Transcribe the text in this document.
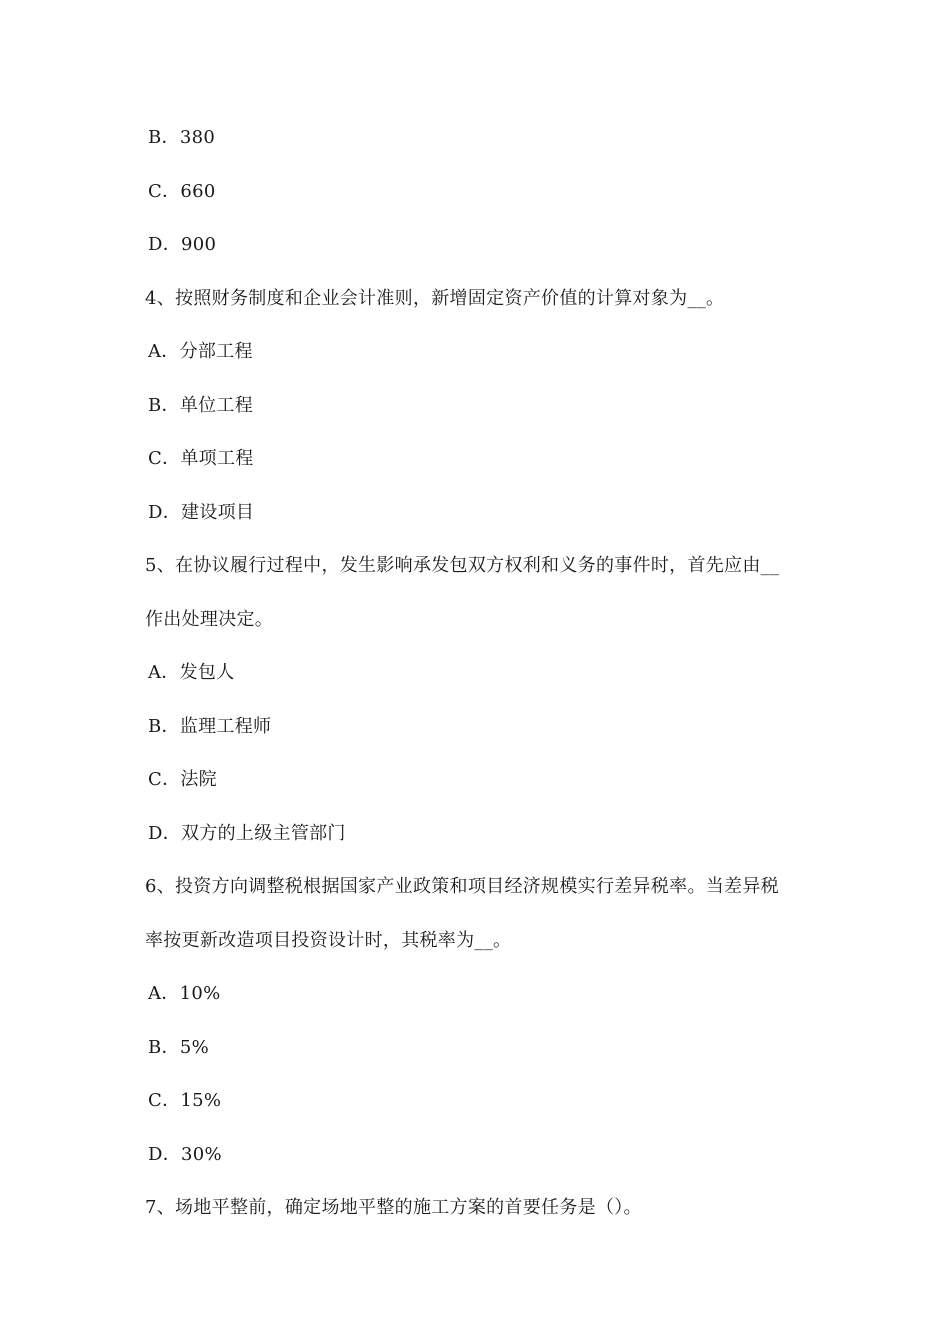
B．380
C．660
D．900
4、按照财务制度和企业会计准则，新增固定资产价值的计算对象为__。
A．分部工程
B．单位工程
C．单项工程
D．建设项目
5、在协议履行过程中，发生影响承发包双方权利和义务的事件时，首先应由__
作出处理决定。
A．发包人
B．监理工程师
C．法院
D．双方的上级主管部门
6、投资方向调整税根据国家产业政策和项目经济规模实行差异税率。当差异税
率按更新改造项目投资设计时，其税率为__。
A．10%
B．5%
C．15%
D．30%
7、场地平整前，确定场地平整的施工方案的首要任务是（）。
